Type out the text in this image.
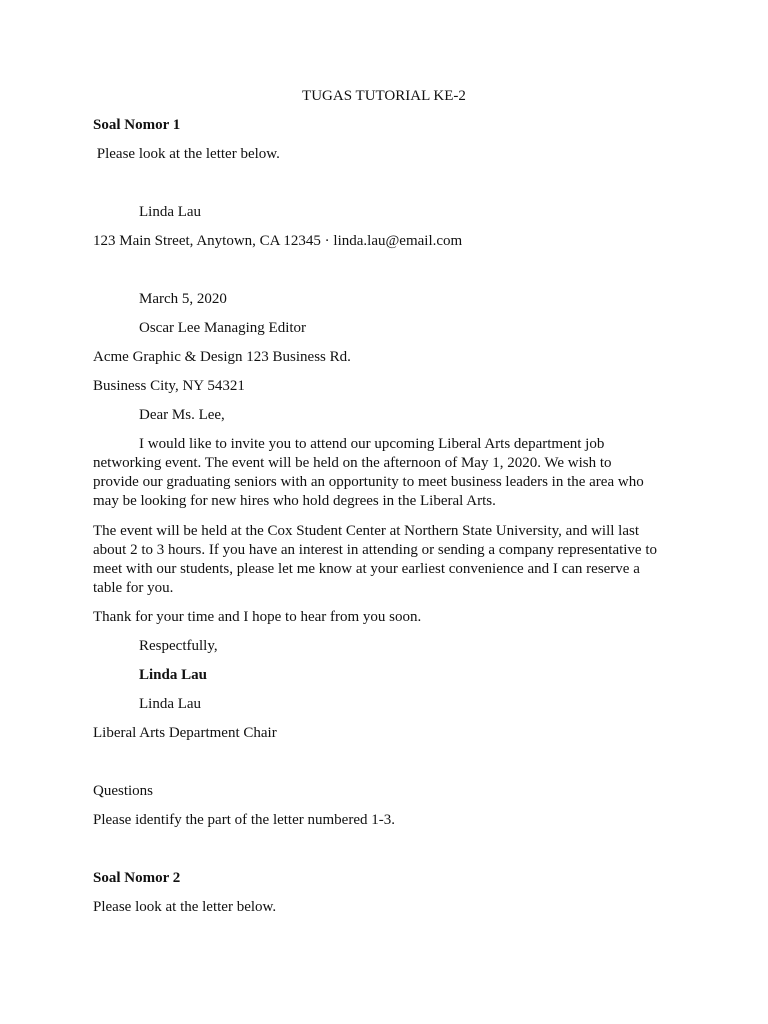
TUGAS TUTORIAL KE-2
Soal Nomor 1
Please look at the letter below.
Linda Lau
123 Main Street, Anytown, CA 12345 · linda.lau@email.com
March 5, 2020
Oscar Lee Managing Editor
Acme Graphic & Design 123 Business Rd.
Business City, NY 54321
Dear Ms. Lee,
I would like to invite you to attend our upcoming Liberal Arts department job
networking event. The event will be held on the afternoon of May 1, 2020. We wish to
provide our graduating seniors with an opportunity to meet business leaders in the area who
may be looking for new hires who hold degrees in the Liberal Arts.
The event will be held at the Cox Student Center at Northern State University, and will last
about 2 to 3 hours. If you have an interest in attending or sending a company representative to
meet with our students, please let me know at your earliest convenience and I can reserve a
table for you.
Thank for your time and I hope to hear from you soon.
Respectfully,
Linda Lau
Linda Lau
Liberal Arts Department Chair
Questions
Please identify the part of the letter numbered 1-3.
Soal Nomor 2
Please look at the letter below.
